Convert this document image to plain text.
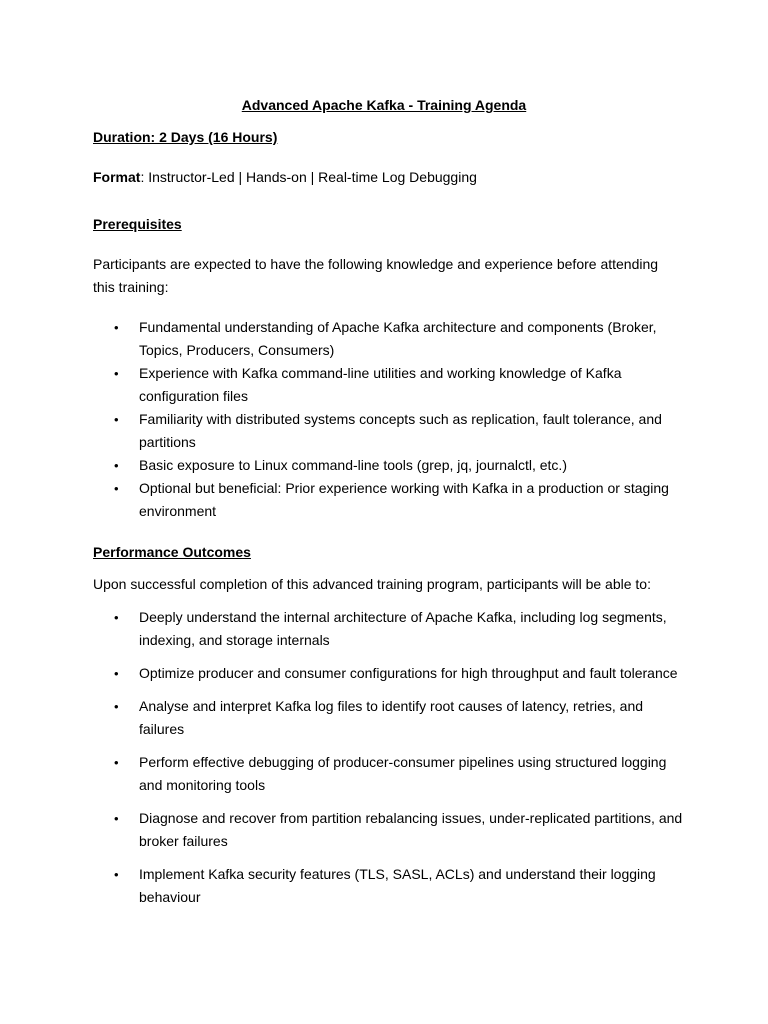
Advanced Apache Kafka - Training Agenda
Duration: 2 Days (16 Hours)
Format: Instructor-Led | Hands-on | Real-time Log Debugging
Prerequisites
Participants are expected to have the following knowledge and experience before attending this training:
• Fundamental understanding of Apache Kafka architecture and components (Broker, Topics, Producers, Consumers)
• Experience with Kafka command-line utilities and working knowledge of Kafka configuration files
• Familiarity with distributed systems concepts such as replication, fault tolerance, and partitions
• Basic exposure to Linux command-line tools (grep, jq, journalctl, etc.)
• Optional but beneficial: Prior experience working with Kafka in a production or staging environment
Performance Outcomes
Upon successful completion of this advanced training program, participants will be able to:
• Deeply understand the internal architecture of Apache Kafka, including log segments, indexing, and storage internals
• Optimize producer and consumer configurations for high throughput and fault tolerance
• Analyse and interpret Kafka log files to identify root causes of latency, retries, and failures
• Perform effective debugging of producer-consumer pipelines using structured logging and monitoring tools
• Diagnose and recover from partition rebalancing issues, under-replicated partitions, and broker failures
• Implement Kafka security features (TLS, SASL, ACLs) and understand their logging behaviour
